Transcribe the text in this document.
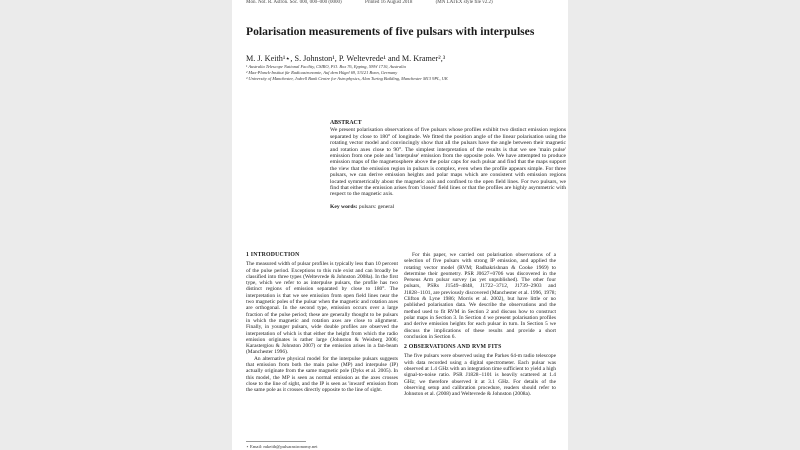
Mon. Not. R. Astron. Soc. 000, 000–000 (0000)	Printed 16 August 2018	(MN LATEX style file v2.2)
Polarisation measurements of five pulsars with interpulses
M. J. Keith¹⋆, S. Johnston¹, P. Weltevrede¹ and M. Kramer²,³
¹ Australia Telescope National Facility, CSIRO, P.O. Box 76, Epping, NSW 1710, Australia
² Max-Planck-Institut für Radioastronomie, Auf dem Hügel 69, 53121 Bonn, Germany
³ University of Manchester, Jodrell Bank Centre for Astrophysics, Alan Turing Building, Manchester M13 9PL, UK
ABSTRACT
We present polarisation observations of five pulsars whose profiles exhibit two distinct emission regions separated by close to 180° of longitude. We fitted the position angle of the linear polarisation using the rotating vector model and convincingly show that all the pulsars have the angle between their magnetic and rotation axes close to 90°. The simplest interpretation of the results is that we see 'main pulse' emission from one pole and 'interpulse' emission from the opposite pole. We have attempted to produce emission maps of the magnetosphere above the polar caps for each pulsar and find that the maps support the view that the emission region in pulsars is complex, even when the profile appears simple. For three pulsars, we can derive emission heights and polar maps which are consistent with emission regions located symmetrically about the magnetic axis and confined to the open field lines. For two pulsars, we find that either the emission arises from 'closed' field lines or that the profiles are highly asymmetric with respect to the magnetic axis.
Key words: pulsars: general
1 INTRODUCTION

The measured width of pulsar profiles is typically less than 10 percent of the pulse period. Exceptions to this rule exist and can broadly be classified into three types (Weltevrede & Johnston 2008a). In the first type, which we refer to as interpulse pulsars, the profile has two distinct regions of emission separated by close to 180°. The interpretation is that we see emission from open field lines near the two magnetic poles of the pulsar when the magnetic and rotation axes are orthogonal. In the second type, emission occurs over a large fraction of the pulse period; these are generally thought to be pulsars in which the magnetic and rotation axes are close to alignment. Finally, in younger pulsars, wide double profiles are observed the interpretation of which is that either the height from which the radio emission originates is rather large (Johnston & Weisberg 2006; Karastergiou & Johnston 2007) or the emission arises in a fan-beam (Manchester 1996).

An alternative physical model for the interpulse pulsars suggests that emission from both the main pulse (MP) and interpulse (IP) actually originate from the same magnetic pole (Dyks et al. 2005). In this model, the MP is seen as normal emission as the axes crosses close to the line of sight, and the IP is seen as 'inward' emission from the same pole as it crosses directly opposite to the line of sight.

For this paper, we carried out polarisation observations of a selection of five pulsars with strong IP emission, and applied the rotating vector model (RVM; Radhakrishnan & Cooke 1969) to determine their geometry. PSR J0627+0706 was discovered in the Perseus Arm pulsar survey (as yet unpublished). The other four pulsars, PSRs J1549−4848, J1722−3712, J1739−2903 and J1828−1101, are previously discovered (Manchester et al. 1996, 1978; Clifton & Lyne 1986; Morris et al. 2002), but have little or no published polarisation data. We describe the observations and the method used to fit RVM in Section 2 and discuss how to construct polar maps in Section 3. In Section 4 we present polarisation profiles and derive emission heights for each pulsar in turn. In Section 5 we discuss the implications of these results and provide a short conclusion in Section 6.

2 OBSERVATIONS AND RVM FITS

The five pulsars were observed using the Parkes 64-m radio telescope with data recorded using a digital spectrometer. Each pulsar was observed at 1.4 GHz with an integration time sufficient to yield a high signal-to-noise ratio. PSR J1828−1101 is heavily scattered at 1.4 GHz; we therefore observed it at 3.1 GHz. For details of the observing setup and calibration procedure, readers should refer to Johnston et al. (2008) and Weltevrede & Johnston (2008a).

⋆ Email: mkeith@pulsarastronomy.net
